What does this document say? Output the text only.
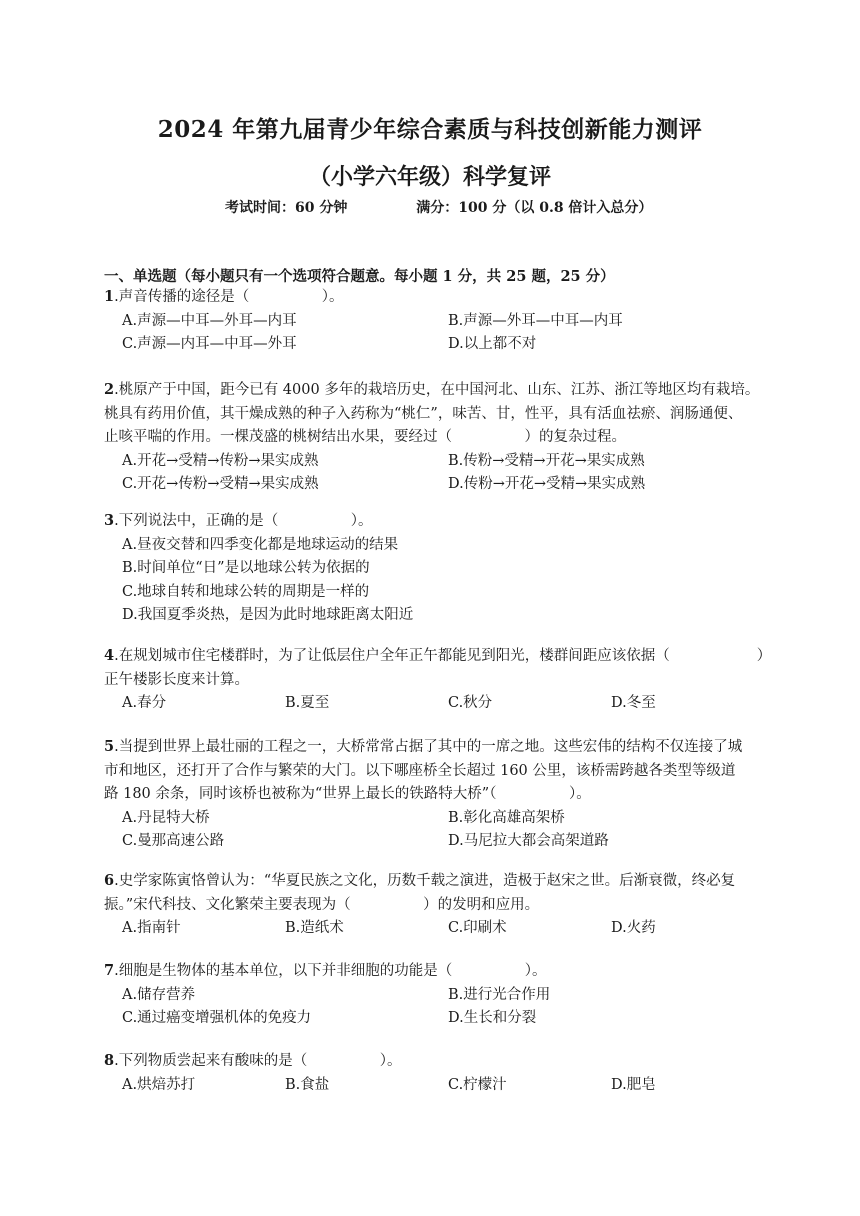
2024 年第九届青少年综合素质与科技创新能力测评
（小学六年级）科学复评
考试时间：60 分钟	满分：100 分（以 0.8 倍计入总分）
一、单选题（每小题只有一个选项符合题意。每小题 1 分，共 25 题，25 分）

1.声音传播的途径是（　　　　　）。

A.声源—中耳—外耳—内耳	B.声源—外耳—中耳—内耳
C.声源—内耳—中耳—外耳	D.以上都不对

2.桃原产于中国，距今已有 4000 多年的栽培历史，在中国河北、山东、江苏、浙江等地区均有栽培。

桃具有药用价值，其干燥成熟的种子入药称为“桃仁”，味苦、甘，性平，具有活血祛瘀、润肠通便、

止咳平喘的作用。一棵茂盛的桃树结出水果，要经过（　　　　　）的复杂过程。

A.开花→受精→传粉→果实成熟	B.传粉→受精→开花→果实成熟
C.开花→传粉→受精→果实成熟	D.传粉→开花→受精→果实成熟

3.下列说法中，正确的是（　　　　　）。

A.昼夜交替和四季变化都是地球运动的结果
B.时间单位“日”是以地球公转为依据的
C.地球自转和地球公转的周期是一样的
D.我国夏季炎热，是因为此时地球距离太阳近

4.在规划城市住宅楼群时，为了让低层住户全年正午都能见到阳光，楼群间距应该依据（　　　　　　）

正午楼影长度来计算。

A.春分	B.夏至	C.秋分	D.冬至

5.当提到世界上最壮丽的工程之一，大桥常常占据了其中的一席之地。这些宏伟的结构不仅连接了城

市和地区，还打开了合作与繁荣的大门。以下哪座桥全长超过 160 公里，该桥需跨越各类型等级道

路 180 余条，同时该桥也被称为“世界上最长的铁路特大桥”（　　　　　）。

A.丹昆特大桥	B.彰化高雄高架桥
C.曼那高速公路	D.马尼拉大都会高架道路

6.史学家陈寅恪曾认为：“华夏民族之文化，历数千载之演进，造极于赵宋之世。后渐衰微，终必复

振。”宋代科技、文化繁荣主要表现为（　　　　　）的发明和应用。

A.指南针	B.造纸术	C.印刷术	D.火药

7.细胞是生物体的基本单位，以下并非细胞的功能是（　　　　　）。

A.储存营养	B.进行光合作用
C.通过癌变增强机体的免疫力	D.生长和分裂

8.下列物质尝起来有酸味的是（　　　　　）。

A.烘焙苏打	B.食盐	C.柠檬汁	D.肥皂
